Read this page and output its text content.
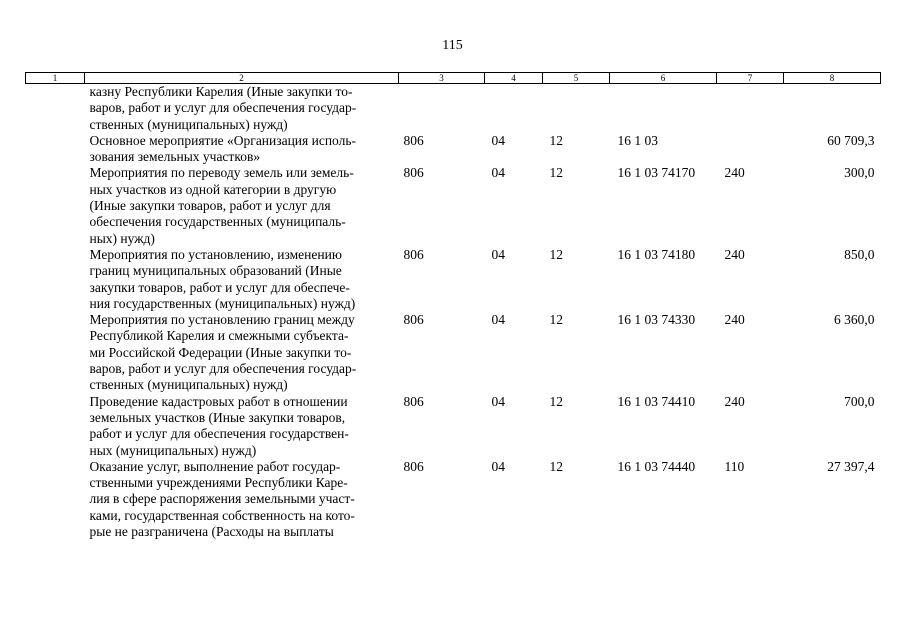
115
1	2	3	4	5	6	7	8
	казну Республики Карелия (Иные закупки то-
варов, работ и услуг для обеспечения государ-
ственных (муниципальных) нужд)						
	Основное мероприятие «Организация исполь-
зования земельных участков»	806	04	12	16 1 03		60 709,3
	Мероприятия по переводу земель или земель-
ных участков из одной категории в другую
(Иные закупки товаров, работ и услуг для
обеспечения государственных (муниципаль-
ных) нужд)	806	04	12	16 1 03 74170	240	300,0
	Мероприятия по установлению, изменению
границ муниципальных образований (Иные
закупки товаров, работ и услуг для обеспече-
ния государственных (муниципальных) нужд)	806	04	12	16 1 03 74180	240	850,0
	Мероприятия по установлению границ между
Республикой Карелия и смежными субъекта-
ми Российской Федерации (Иные закупки то-
варов, работ и услуг для обеспечения государ-
ственных (муниципальных) нужд)	806	04	12	16 1 03 74330	240	6 360,0
	Проведение кадастровых работ в отношении
земельных участков (Иные закупки товаров,
работ и услуг для обеспечения государствен-
ных (муниципальных) нужд)	806	04	12	16 1 03 74410	240	700,0
	Оказание услуг, выполнение работ государ-
ственными учреждениями Республики Каре-
лия в сфере распоряжения земельными участ-
ками, государственная собственность на кото-
рые не разграничена (Расходы на выплаты	806	04	12	16 1 03 74440	110	27 397,4
